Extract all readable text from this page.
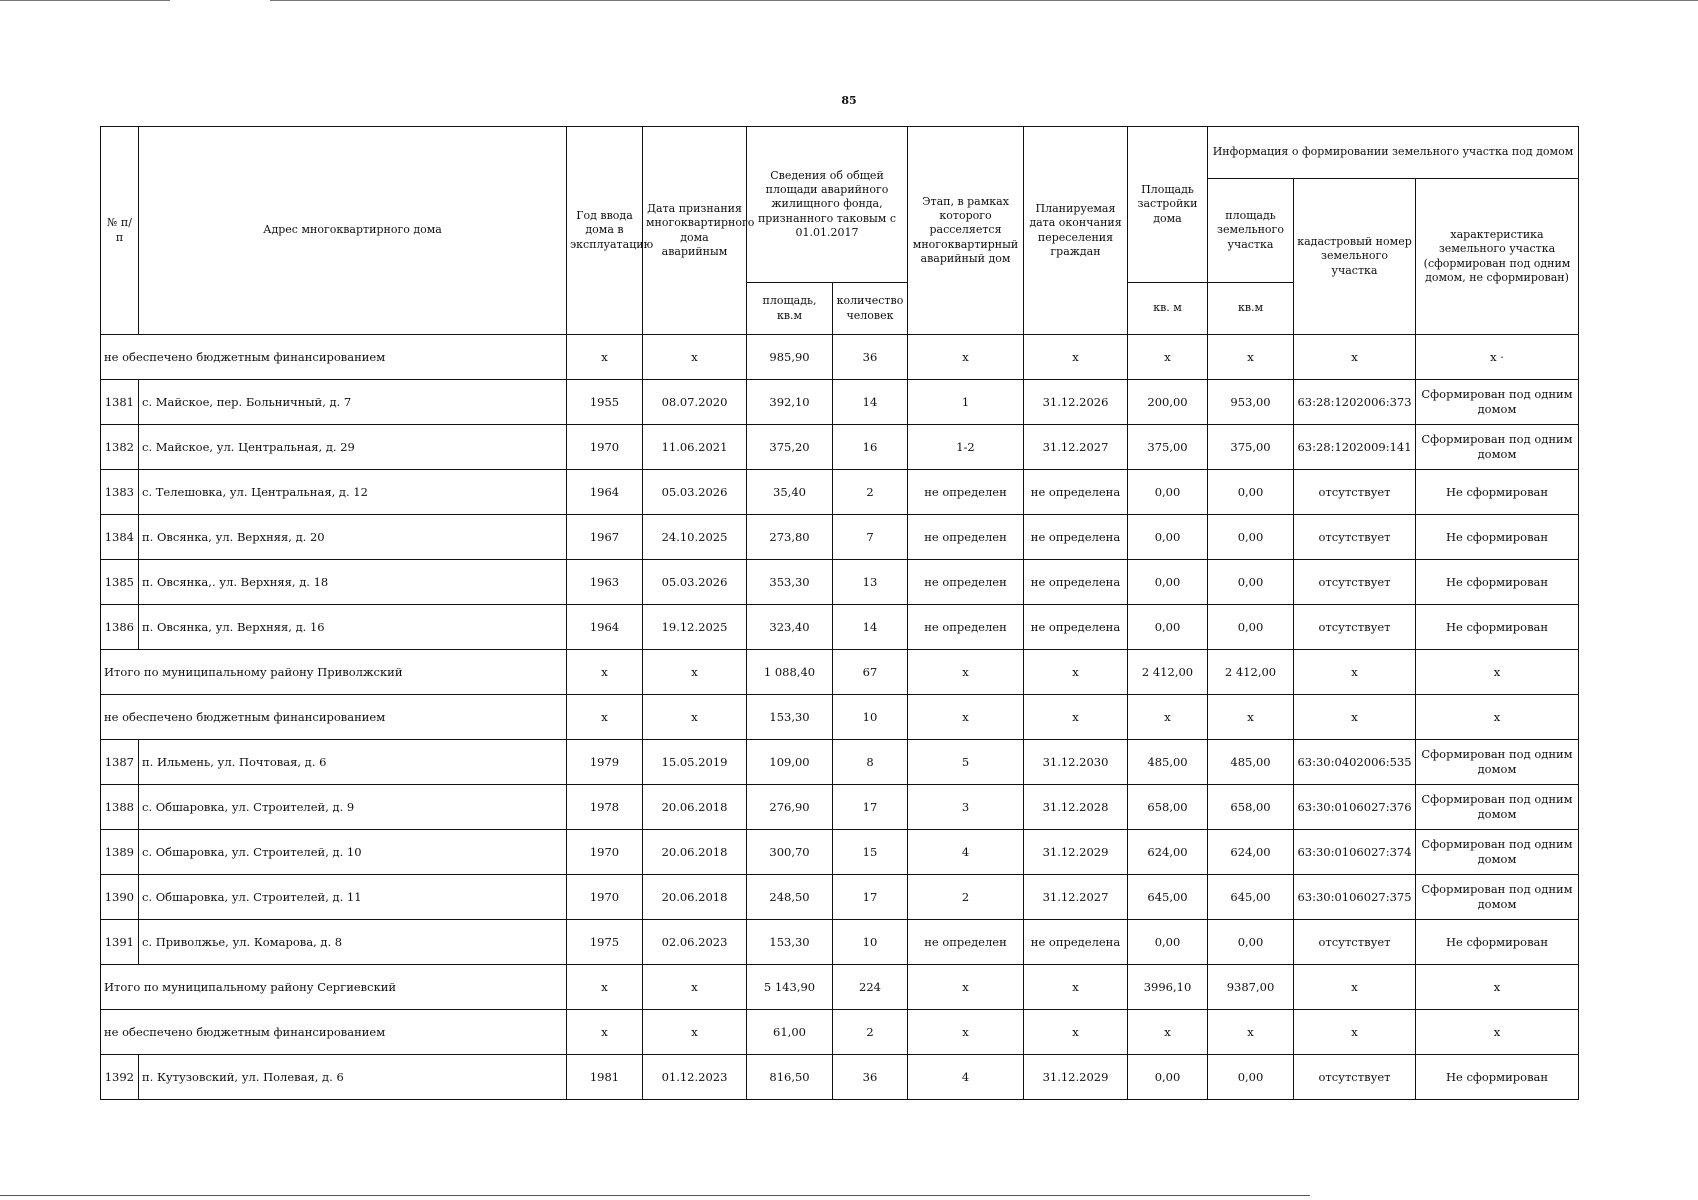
85
№ п/п	Адрес многоквартирного дома	Год ввода дома в эксплуатацию	Дата признания многоквартирного дома аварийным	Сведения об общей площади аварийного жилищного фонда, признанного таковым с 01.01.2017		Этап, в рамках которого расселяется многоквартирный аварийный дом	Планируемая дата окончания переселения граждан	Площадь застройки дома	Информация о формировании земельного участка под домом		
									площадь земельного участка	кадастровый номер земельного участка	характеристика земельного участка (сформирован под одним домом, не сформирован)
				площадь, кв.м	количество человек			кв. м	кв.м		
не обеспечено бюджетным финансированием		x	x	985,90	36	x	x	x	x	x	x ·
1381	с. Майское, пер. Больничный, д. 7	1955	08.07.2020	392,10	14	1	31.12.2026	200,00	953,00	63:28:1202006:373	Сформирован под одним домом
1382	с. Майское, ул. Центральная, д. 29	1970	11.06.2021	375,20	16	1-2	31.12.2027	375,00	375,00	63:28:1202009:141	Сформирован под одним домом
1383	с. Телешовка, ул. Центральная, д. 12	1964	05.03.2026	35,40	2	не определен	не определена	0,00	0,00	отсутствует	Не сформирован
1384	п. Овсянка, ул. Верхняя, д. 20	1967	24.10.2025	273,80	7	не определен	не определена	0,00	0,00	отсутствует	Не сформирован
1385	п. Овсянка,. ул. Верхняя, д. 18	1963	05.03.2026	353,30	13	не определен	не определена	0,00	0,00	отсутствует	Не сформирован
1386	п. Овсянка, ул. Верхняя, д. 16	1964	19.12.2025	323,40	14	не определен	не определена	0,00	0,00	отсутствует	Не сформирован
Итого по муниципальному району Приволжский		x	x	1 088,40	67	x	x	2 412,00	2 412,00	x	x
не обеспечено бюджетным финансированием		x	x	153,30	10	x	x	x	x	x	x
1387	п. Ильмень, ул. Почтовая, д. 6	1979	15.05.2019	109,00	8	5	31.12.2030	485,00	485,00	63:30:0402006:535	Сформирован под одним домом
1388	с. Обшаровка, ул. Строителей, д. 9	1978	20.06.2018	276,90	17	3	31.12.2028	658,00	658,00	63:30:0106027:376	Сформирован под одним домом
1389	с. Обшаровка, ул. Строителей, д. 10	1970	20.06.2018	300,70	15	4	31.12.2029	624,00	624,00	63:30:0106027:374	Сформирован под одним домом
1390	с. Обшаровка, ул. Строителей, д. 11	1970	20.06.2018	248,50	17	2	31.12.2027	645,00	645,00	63:30:0106027:375	Сформирован под одним домом
1391	с. Приволжье, ул. Комарова, д. 8	1975	02.06.2023	153,30	10	не определен	не определена	0,00	0,00	отсутствует	Не сформирован
Итого по муниципальному району Сергиевский		x	x	5 143,90	224	x	x	3996,10	9387,00	x	x
не обеспечено бюджетным финансированием		x	x	61,00	2	x	x	x	x	x	x
1392	п. Кутузовский, ул. Полевая, д. 6	1981	01.12.2023	816,50	36	4	31.12.2029	0,00	0,00	отсутствует	Не сформирован
